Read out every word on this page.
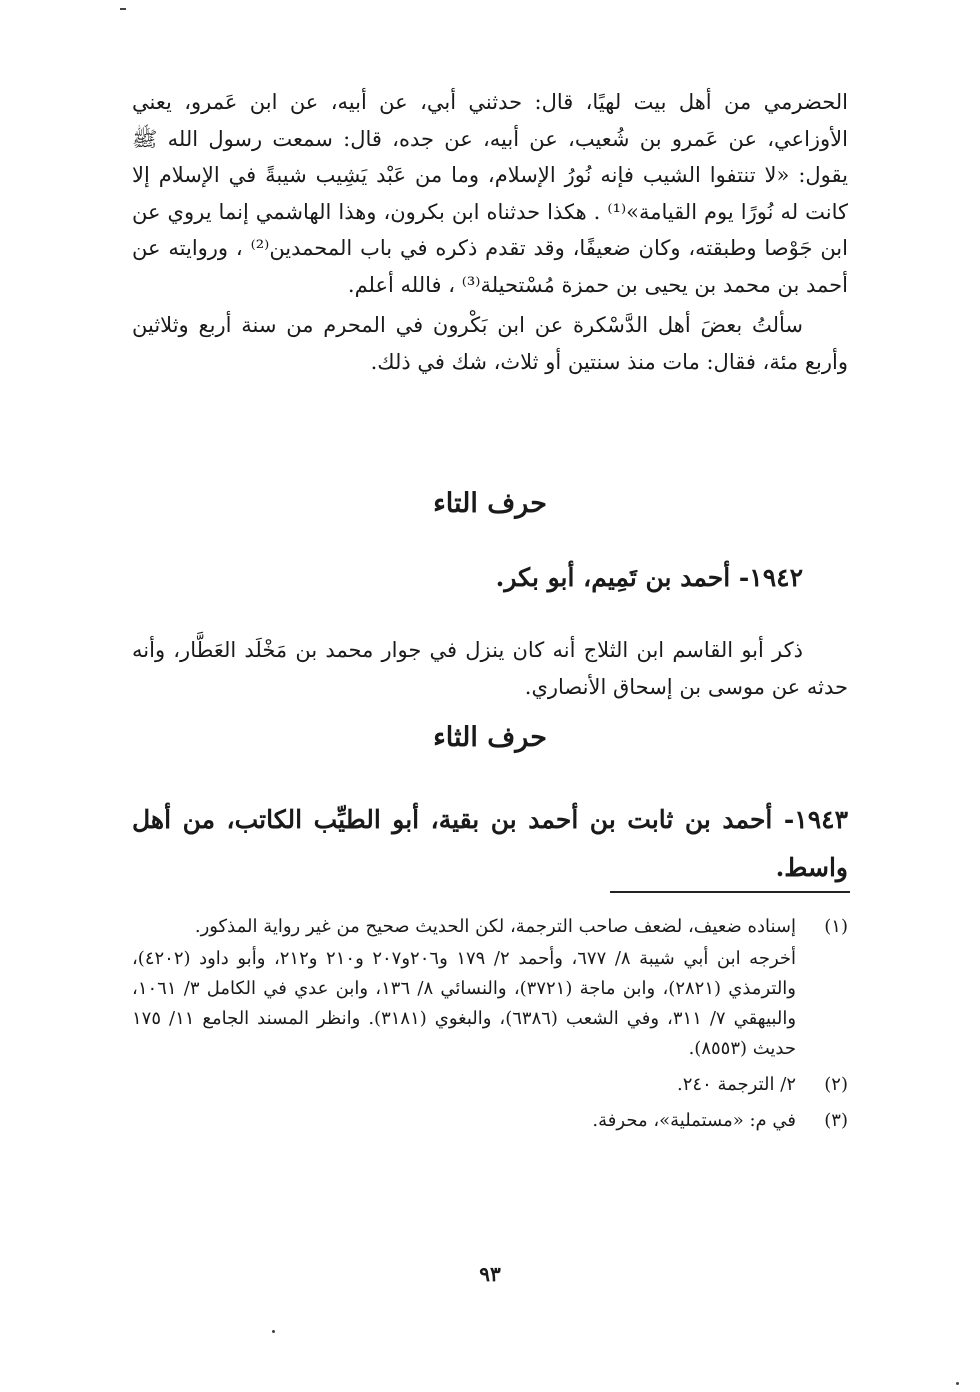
الحضرمي من أهل بيت لهيًا، قال: حدثني أبي، عن أبيه، عن ابن عَمرو، يعني الأوزاعي، عن عَمرو بن شُعيب، عن أبيه، عن جده، قال: سمعت رسول الله ﷺ يقول: «لا تنتفوا الشيب فإنه نُورُ الإسلام، وما من عَبْد يَشِيب شيبةً في الإسلام إلا كانت له نُورًا يوم القيامة»⁽¹⁾ . هكذا حدثناه ابن بكرون، وهذا الهاشمي إنما يروي عن ابن جَوْصا وطبقته، وكان ضعيفًا، وقد تقدم ذكره في باب المحمدين⁽²⁾ ، وروايته عن أحمد بن محمد بن يحيى بن حمزة مُسْتحيلة⁽³⁾ ، فالله أعلم.

سألتُ بعضَ أهل الدَّسْكرة عن ابن بَكْرون في المحرم من سنة أربع وثلاثين وأربع مئة، فقال: مات منذ سنتين أو ثلاث، شك في ذلك.

حرف التاء
١٩٤٢- أحمد بن تَمِيم، أبو بكر.
ذكر أبو القاسم ابن الثلاج أنه كان ينزل في جوار محمد بن مَخْلَد العَطَّار، وأنه حدثه عن موسى بن إسحاق الأنصاري.
حرف الثاء
١٩٤٣- أحمد بن ثابت بن أحمد بن بقية، أبو الطيِّب الكاتب، من أهل واسط.
(١)
إسناده ضعيف، لضعف صاحب الترجمة، لكن الحديث صحيح من غير رواية المذكور.
أخرجه ابن أبي شيبة ٨/ ٦٧٧، وأحمد ٢/ ١٧٩ و٢٠٦و٢٠٧ و٢١٠ و٢١٢، وأبو داود (٤٢٠٢)، والترمذي (٢٨٢١)، وابن ماجة (٣٧٢١)، والنسائي ٨/ ١٣٦، وابن عدي في الكامل ٣/ ١٠٦١، والبيهقي ٧/ ٣١١، وفي الشعب (٦٣٨٦)، والبغوي (٣١٨١). وانظر المسند الجامع ١١/ ١٧٥ حديث (٨٥٥٣).
(٢)
٢/ الترجمة ٢٤٠.
(٣)
في م: «مستملية»، محرفة.
٩٣
